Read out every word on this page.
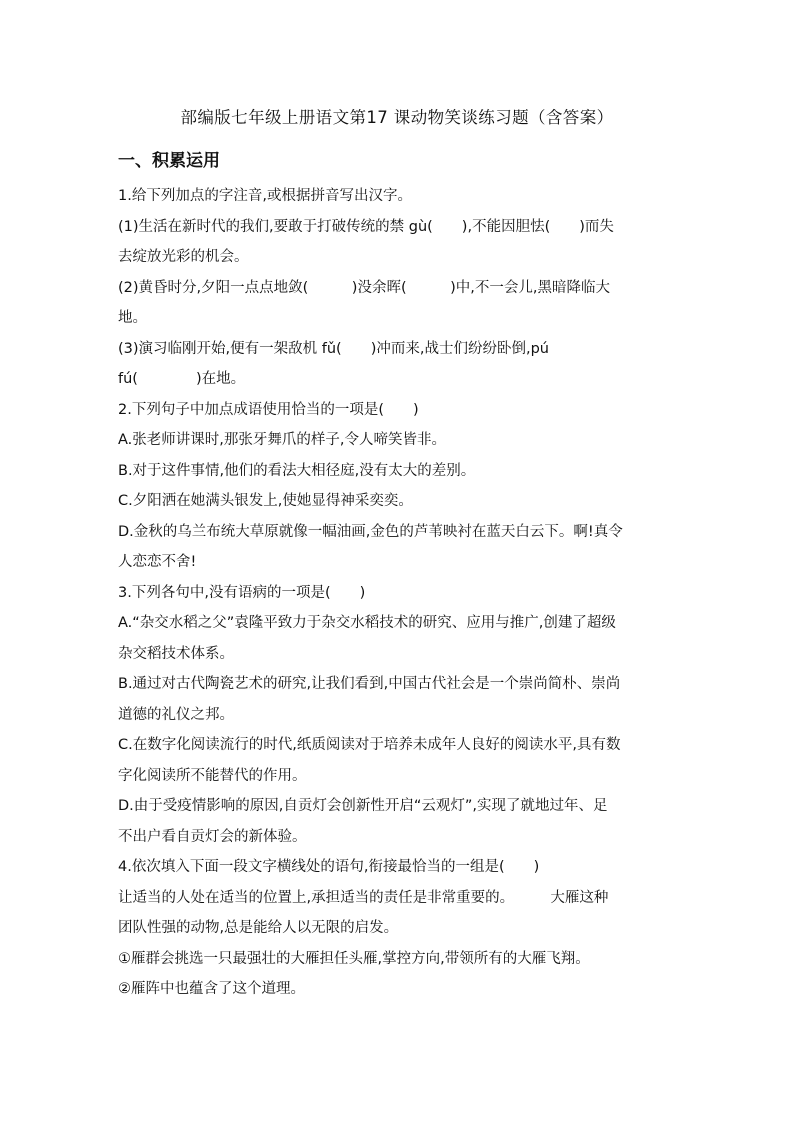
部编版七年级上册语文第17 课动物笑谈练习题（含答案）
一、积累运用
1.给下列加点的字注音,或根据拼音写出汉字。
(1)生活在新时代的我们,要敢于打破传统的禁 gù(　　),不能因胆怯(　　)而失
去绽放光彩的机会。
(2)黄昏时分,夕阳一点点地敛(　　　)没余晖(　　　)中,不一会儿,黑暗降临大
地。
(3)演习临刚开始,便有一架敌机 fǔ(　　)冲而来,战士们纷纷卧倒,pú
fú(　　　　)在地。
2.下列句子中加点成语使用恰当的一项是(　　)
A.张老师讲课时,那张牙舞爪的样子,令人啼笑皆非。
B.对于这件事情,他们的看法大相径庭,没有太大的差别。
C.夕阳洒在她满头银发上,使她显得神采奕奕。
D.金秋的乌兰布统大草原就像一幅油画,金色的芦苇映衬在蓝天白云下。啊!真令
人恋恋不舍!
3.下列各句中,没有语病的一项是(　　)
A.“杂交水稻之父”袁隆平致力于杂交水稻技术的研究、应用与推广,创建了超级
杂交稻技术体系。
B.通过对古代陶瓷艺术的研究,让我们看到,中国古代社会是一个崇尚简朴、崇尚
道德的礼仪之邦。
C.在数字化阅读流行的时代,纸质阅读对于培养未成年人良好的阅读水平,具有数
字化阅读所不能替代的作用。
D.由于受疫情影响的原因,自贡灯会创新性开启“云观灯”,实现了就地过年、足
不出户看自贡灯会的新体验。
4.依次填入下面一段文字横线处的语句,衔接最恰当的一组是(　　)
让适当的人处在适当的位置上,承担适当的责任是非常重要的。　　　大雁这种
团队性强的动物,总是能给人以无限的启发。
①雁群会挑选一只最强壮的大雁担任头雁,掌控方向,带领所有的大雁飞翔。
②雁阵中也蕴含了这个道理。
